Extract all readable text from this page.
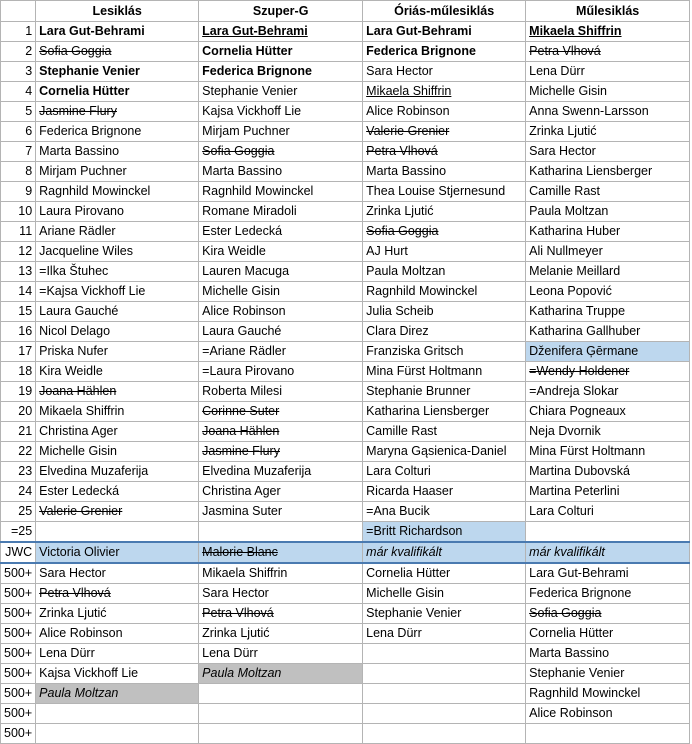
	Lesiklás	Szuper-G	Óriás-műlesiklás	Műlesiklás
1	Lara Gut-Behrami	Lara Gut-Behrami	Lara Gut-Behrami	Mikaela Shiffrin
2	Sofia Goggia	Cornelia Hütter	Federica Brignone	Petra Vlhová
3	Stephanie Venier	Federica Brignone	Sara Hector	Lena Dürr
4	Cornelia Hütter	Stephanie Venier	Mikaela Shiffrin	Michelle Gisin
5	Jasmine Flury	Kajsa Vickhoff Lie	Alice Robinson	Anna Swenn-Larsson
6	Federica Brignone	Mirjam Puchner	Valerie Grenier	Zrinka Ljutić
7	Marta Bassino	Sofia Goggia	Petra Vlhová	Sara Hector
8	Mirjam Puchner	Marta Bassino	Marta Bassino	Katharina Liensberger
9	Ragnhild Mowinckel	Ragnhild Mowinckel	Thea Louise Stjernesund	Camille Rast
10	Laura Pirovano	Romane Miradoli	Zrinka Ljutić	Paula Moltzan
11	Ariane Rädler	Ester Ledecká	Sofia Goggia	Katharina Huber
12	Jacqueline Wiles	Kira Weidle	AJ Hurt	Ali Nullmeyer
13	=Ilka Štuhec	Lauren Macuga	Paula Moltzan	Melanie Meillard
14	=Kajsa Vickhoff Lie	Michelle Gisin	Ragnhild Mowinckel	Leona Popović
15	Laura Gauché	Alice Robinson	Julia Scheib	Katharina Truppe
16	Nicol Delago	Laura Gauché	Clara Direz	Katharina Gallhuber
17	Priska Nufer	=Ariane Rädler	Franziska Gritsch	Dženifera Ģērmane
18	Kira Weidle	=Laura Pirovano	Mina Fürst Holtmann	=Wendy Holdener
19	Joana Hählen	Roberta Milesi	Stephanie Brunner	=Andreja Slokar
20	Mikaela Shiffrin	Corinne Suter	Katharina Liensberger	Chiara Pogneaux
21	Christina Ager	Joana Hählen	Camille Rast	Neja Dvornik
22	Michelle Gisin	Jasmine Flury	Maryna Gąsienica-Daniel	Mina Fürst Holtmann
23	Elvedina Muzaferija	Elvedina Muzaferija	Lara Colturi	Martina Dubovská
24	Ester Ledecká	Christina Ager	Ricarda Haaser	Martina Peterlini
25	Valerie Grenier	Jasmina Suter	=Ana Bucik	Lara Colturi
=25			=Britt Richardson	
JWC	Victoria Olivier	Malorie Blanc	már kvalifikált	már kvalifikált
500+	Sara Hector	Mikaela Shiffrin	Cornelia Hütter	Lara Gut-Behrami
500+	Petra Vlhová	Sara Hector	Michelle Gisin	Federica Brignone
500+	Zrinka Ljutić	Petra Vlhová	Stephanie Venier	Sofia Goggia
500+	Alice Robinson	Zrinka Ljutić	Lena Dürr	Cornelia Hütter
500+	Lena Dürr	Lena Dürr		Marta Bassino
500+	Kajsa Vickhoff Lie	Paula Moltzan		Stephanie Venier
500+	Paula Moltzan			Ragnhild Mowinckel
500+				Alice Robinson
500+				
